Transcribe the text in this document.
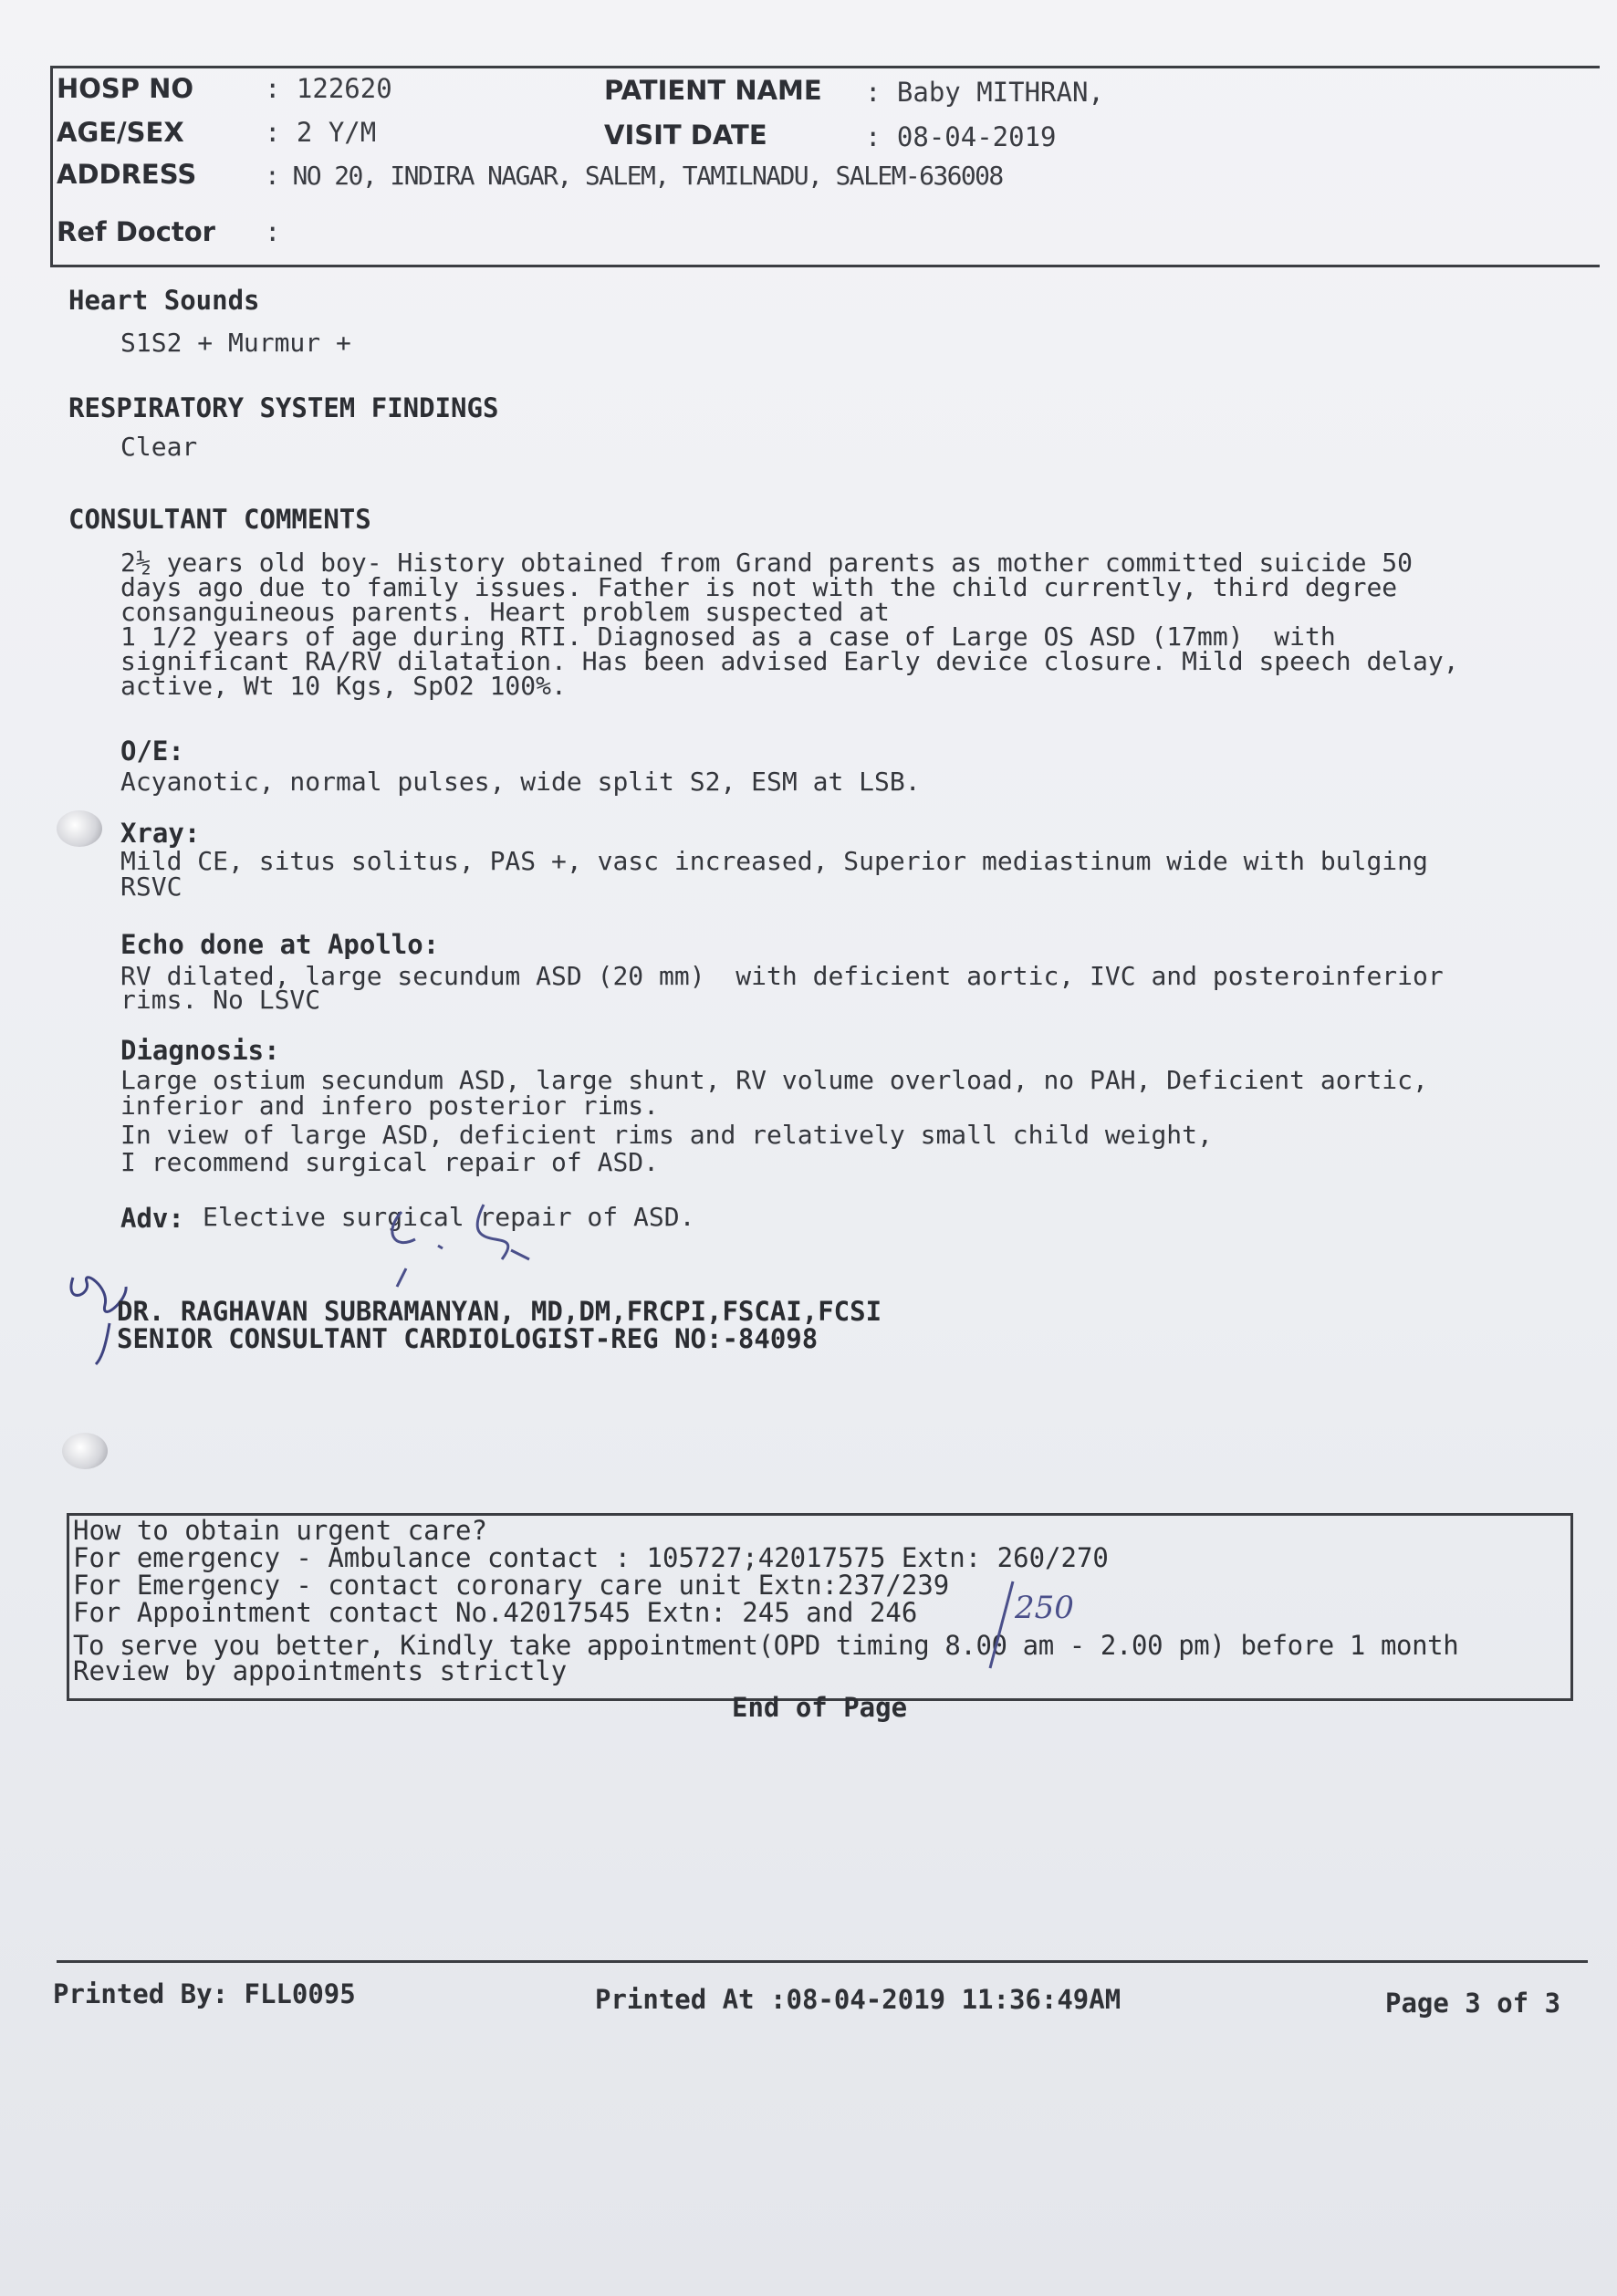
HOSP NO	: 122620	PATIENT NAME : Baby MITHRAN,
AGE/SEX	: 2 Y/M	VISIT DATE	: 08-04-2019
ADDRESS	: NO 20, INDIRA NAGAR, SALEM, TAMILNADU, SALEM-636008
Ref Doctor :
Heart Sounds
S1S2 + Murmur +
RESPIRATORY SYSTEM FINDINGS
Clear
CONSULTANT COMMENTS
2½ years old boy- History obtained from Grand parents as mother committed suicide 50
days ago due to family issues. Father is not with the child currently, third degree
consanguineous parents. Heart problem suspected at
1 1/2 years of age during RTI. Diagnosed as a case of Large OS ASD (17mm)  with
significant RA/RV dilatation. Has been advised Early device closure. Mild speech delay,
active, Wt 10 Kgs, SpO2 100%.
O/E:
Acyanotic, normal pulses, wide split S2, ESM at LSB.
Xray:
Mild CE, situs solitus, PAS +, vasc increased, Superior mediastinum wide with bulging
RSVC
Echo done at Apollo:
RV dilated, large secundum ASD (20 mm)  with deficient aortic, IVC and posteroinferior
rims. No LSVC
Diagnosis:
Large ostium secundum ASD, large shunt, RV volume overload, no PAH, Deficient aortic,
inferior and infero posterior rims.
In view of large ASD, deficient rims and relatively small child weight,
I recommend surgical repair of ASD.
Adv: Elective surgical repair of ASD.
DR. RAGHAVAN SUBRAMANYAN, MD,DM,FRCPI,FSCAI,FCSI
SENIOR CONSULTANT CARDIOLOGIST-REG NO:-84098
How to obtain urgent care?
For emergency - Ambulance contact : 105727;42017575 Extn: 260/270
For Emergency - contact coronary care unit Extn:237/239
For Appointment contact No.42017545 Extn: 245 and 246
To serve you better, Kindly take appointment(OPD timing 8.00 am - 2.00 pm) before 1 month
Review by appointments strictly
250
End of Page
Printed By: FLL0095	Printed At :08-04-2019 11:36:49AM	Page 3 of 3
